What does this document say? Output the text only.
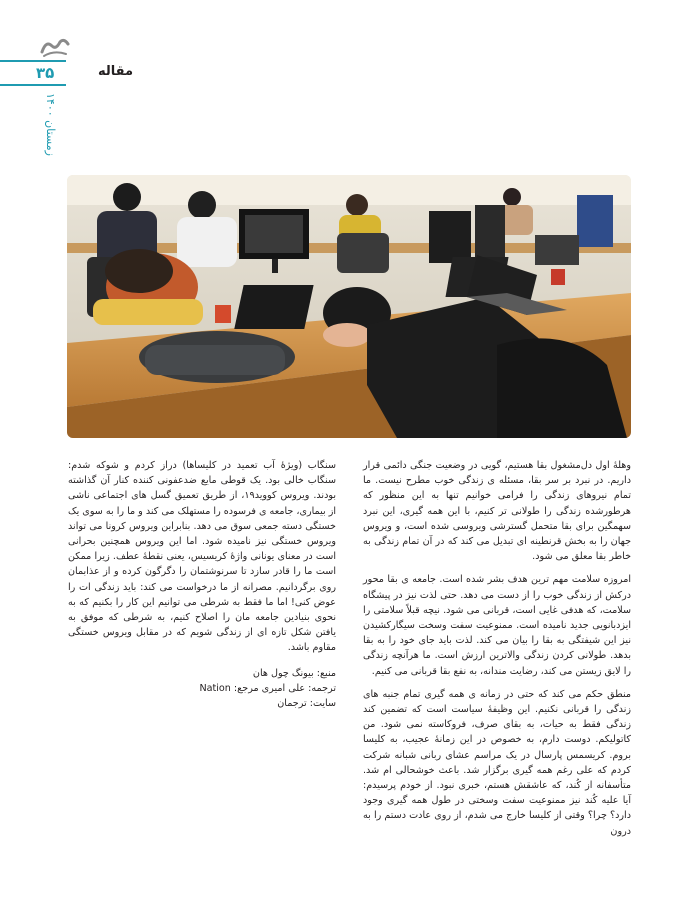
۳۵	مقاله
زمستان ۱۴۰۰

وهلهٔ اول دل‌مشغول بقا هستیم، گویی در وضعیت جنگی دائمی قرار داریم. در نبرد بر سر بقا، مسئله ی زندگی خوب مطرح نیست. ما تمام نیروهای زندگی را فرامی خوانیم تنها به این منظور که هرطورشده زندگی را طولانی تر کنیم، با این همه گیری، این نبرد سهمگین برای بقا متحمل گسترشی ویروسی شده است، و ویروس جهان را به بخش قرنطینه ای تبدیل می کند که در آن تمام زندگی به خاطر بقا معلق می شود.

امروزه سلامت مهم ترین هدف بشر شده است. جامعه ی بقا محور درکش از زندگی خوب را از دست می دهد. حتی لذت نیز در پیشگاه سلامت، که هدفی غایی است، قربانی می شود. نیچه قبلاً سلامتی را ایزدبانویی جدید نامیده است. ممنوعیت سفت وسخت سیگارکشیدن نیز این شیفتگی به بقا را بیان می کند. لذت باید جای خود را به بقا بدهد. طولانی کردن زندگی والاترین ارزش است. ما هرآنچه زندگی را لایق زیستن می کند، رضایت مندانه، به نفع بقا قربانی می کنیم.

منطق حکم می کند که حتی در زمانه ی همه گیری تمام جنبه های زندگی را قربانی نکنیم. این وظیفهٔ سیاست است که تضمین کند زندگی فقط به حیات، به بقای صرف، فروکاسته نمی شود. من کاتولیکم. دوست دارم، به خصوص در این زمانهٔ عجیب، به کلیسا بروم. کریسمس پارسال در یک مراسم عشای ربانی شبانه شرکت کردم که علی رغم همه گیری برگزار شد. باعث خوشحالی ام شد. متأسفانه از کُند، که عاشقش هستم، خبری نبود. از خودم پرسیدم: آیا علیه کُند نیز ممنوعیت سفت وسختی در طول همه گیری وجود دارد؟ چرا؟ وقتی از کلیسا خارج می شدم، از روی عادت دستم را به درون

سنگاب (ویژهٔ آب تعمید در کلیساها) دراز کردم و شوکه شدم: سنگاب خالی بود. یک قوطی مایع ضدعفونی کننده کنار آن گذاشته بودند. ویروس کووید۱۹، از طریق تعمیق گسل های اجتماعی ناشی از بیماری، جامعه ی فرسوده را مستهلک می کند و ما را به سوی یک خستگی دسته جمعی سوق می دهد. بنابراین ویروس کرونا می تواند ویروس خستگی نیز نامیده شود. اما این ویروس همچنین بحرانی است در معنای یونانی واژهٔ کریسیس، یعنی نقطهٔ عطف. زیرا ممکن است ما را قادر سازد تا سرنوشتمان را دگرگون کرده و از عذابمان روی برگردانیم. مصرانه از ما درخواست می کند: باید زندگی ات را عوض کنی! اما ما فقط به شرطی می توانیم این کار را بکنیم که به نحوی بنیادین جامعه مان را اصلاح کنیم، به شرطی که موفق به یافتن شکل تازه ای از زندگی شویم که در مقابل ویروس خستگی مقاوم باشد.

منبع: بیونگ چول هان
ترجمه: علی امیری مرجع: Nation
سایت: ترجمان
